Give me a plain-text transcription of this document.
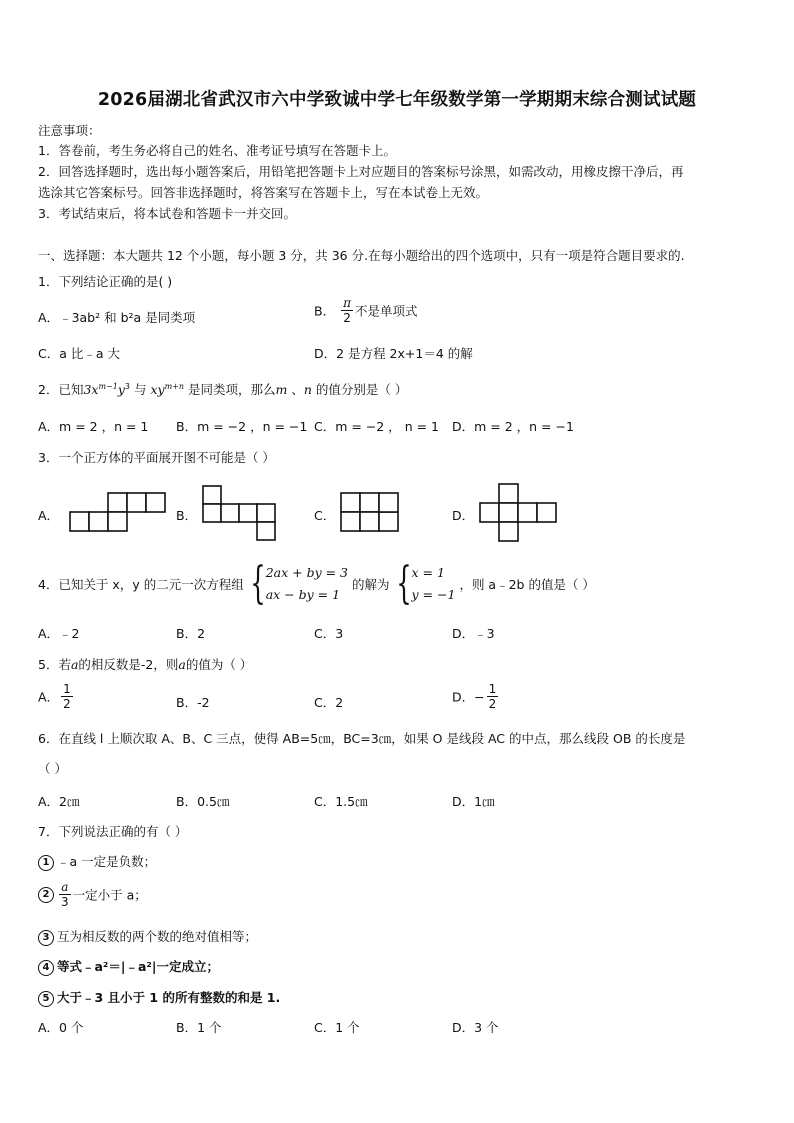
2026届湖北省武汉市六中学致诚中学七年级数学第一学期期末综合测试试题
注意事项：
1．答卷前，考生务必将自己的姓名、准考证号填写在答题卡上。
2．回答选择题时，选出每小题答案后，用铅笔把答题卡上对应题目的答案标号涂黑，如需改动，用橡皮擦干净后，再
选涂其它答案标号。回答非选择题时，将答案写在答题卡上，写在本试卷上无效。
3．考试结束后，将本试卷和答题卡一并交回。
一、选择题：本大题共 12 个小题，每小题 3 分，共 36 分.在每小题给出的四个选项中，只有一项是符合题目要求的.
1．下列结论正确的是( )
A．﹣3ab² 和 b²a 是同类项	B． $\frac{\pi}{2}$ 不是单项式
C．a 比﹣a 大	D．2 是方程 2x+1＝4 的解
2．已知$3x^{m-1}y^3$ 与 $xy^{m+n}$ 是同类项，那么m 、n 的值分别是（ ）
A．m = 2 ，n = 1 B．m = −2 ，n = −1 C．m = −2 ， n = 1 D．m = 2 ，n = −1
3．一个正方体的平面展开图不可能是（ ）
A．	B．	C．	D．
4．已知关于 x，y 的二元一次方程组 { 2ax + by = 3
ax − by = 1
的解为 { x = 1
y = −1
，则 a﹣2b 的值是（ ）
A．﹣2	B．2	C．3	D．﹣3
5．若a的相反数是-2，则a的值为（ ）
A． $\frac{1}{2}$	B．-2	C．2	D．− $\frac{1}{2}$
6．在直线 l 上顺次取 A、B、C 三点，使得 AB=5㎝，BC=3㎝，如果 O 是线段 AC 的中点，那么线段 OB 的长度是
（ ）
A．2㎝	B．0.5㎝	C．1.5㎝	D．1㎝
7．下列说法正确的有（ ）
1 ﹣a 一定是负数；
$2 \frac{a}{3}$ 一定小于 a；
3 互为相反数的两个数的绝对值相等；
4 等式﹣a²＝|﹣a²|一定成立；
5 大于﹣3 且小于 1 的所有整数的和是 1.
A．0 个	B．1 个	C．1 个	D．3 个
